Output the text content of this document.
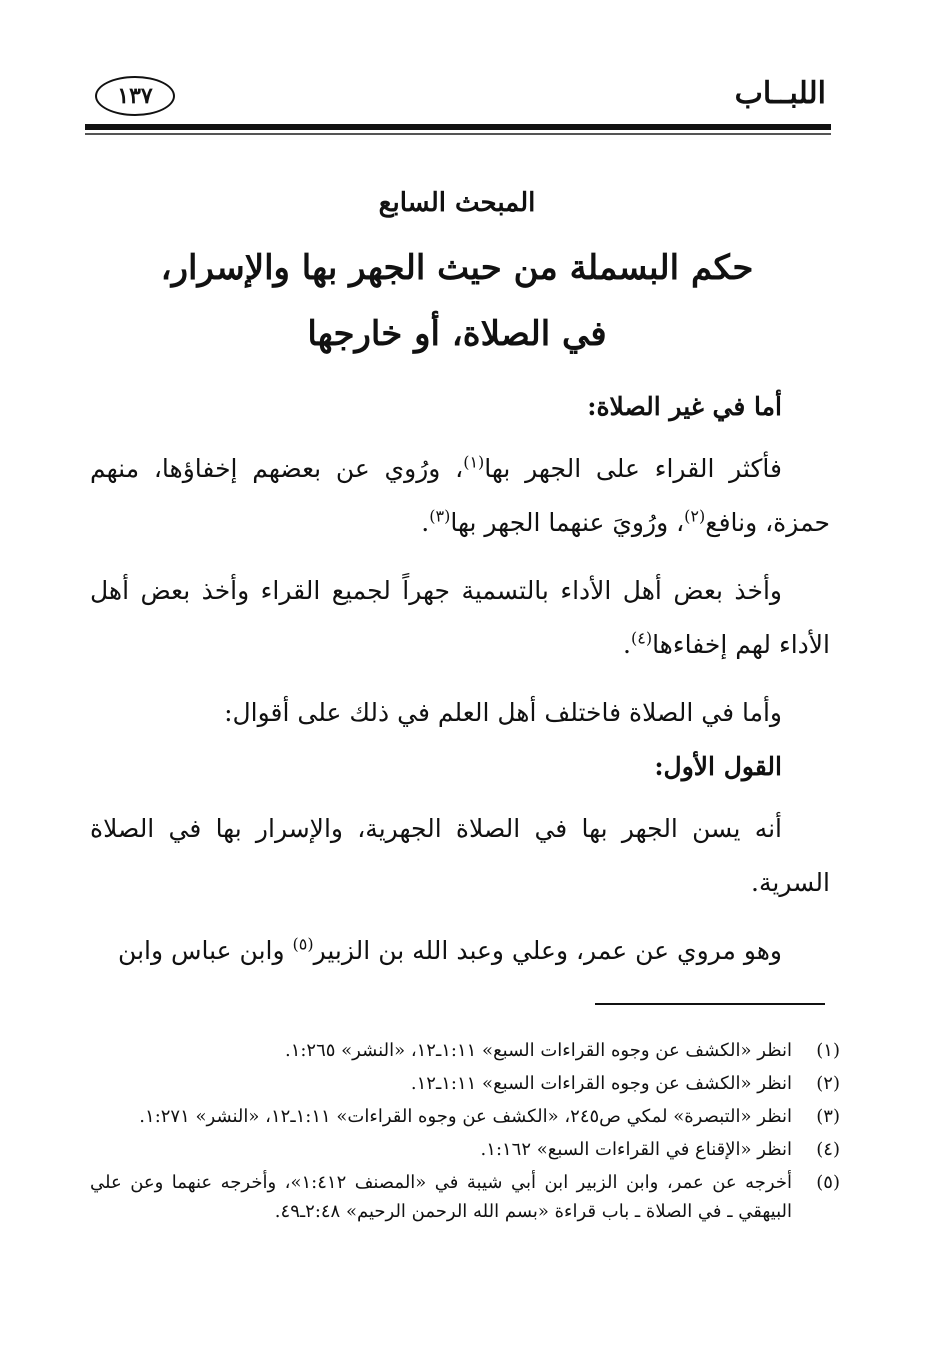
اللبــاب
١٣٧
المبحث السابع
حكم البسملة من حيث الجهر بها والإسرار،
في الصلاة، أو خارجها

أما في غير الصلاة:

فأكثر القراء على الجهر بها$^{(١)}$، ورُوي عن بعضهم إخفاؤها، منهم حمزة، ونافع$^{(٢)}$، ورُويَ عنهما الجهر بها$^{(٣)}$.

وأخذ بعض أهل الأداء بالتسمية جهراً لجميع القراء وأخذ بعض أهل الأداء لهم إخفاءها$^{(٤)}$.

وأما في الصلاة فاختلف أهل العلم في ذلك على أقوال:

القول الأول:

أنه يسن الجهر بها في الصلاة الجهرية، والإسرار بها في الصلاة السرية.

وهو مروي عن عمر، وعلي وعبد الله بن الزبير$^{(٥)}$ وابن عباس وابن

(١)
انظر «الكشف عن وجوه القراءات السبع» ١:١١ـ١٢، «النشر» ١:٢٦٥.
(٢)
انظر «الكشف عن وجوه القراءات السبع» ١:١١ـ١٢.
(٣)
انظر «التبصرة» لمكي ص٢٤٥، «الكشف عن وجوه القراءات» ١:١١ـ١٢، «النشر» ١:٢٧١.
(٤)
انظر «الإقناع في القراءات السبع» ١:١٦٢.
(٥)
أخرجه عن عمر، وابن الزبير ابن أبي شيبة في «المصنف ١:٤١٢»، وأخرجه عنهما وعن علي البيهقي ـ في الصلاة ـ باب قراءة «بسم الله الرحمن الرحيم» ٢:٤٨ـ٤٩.
